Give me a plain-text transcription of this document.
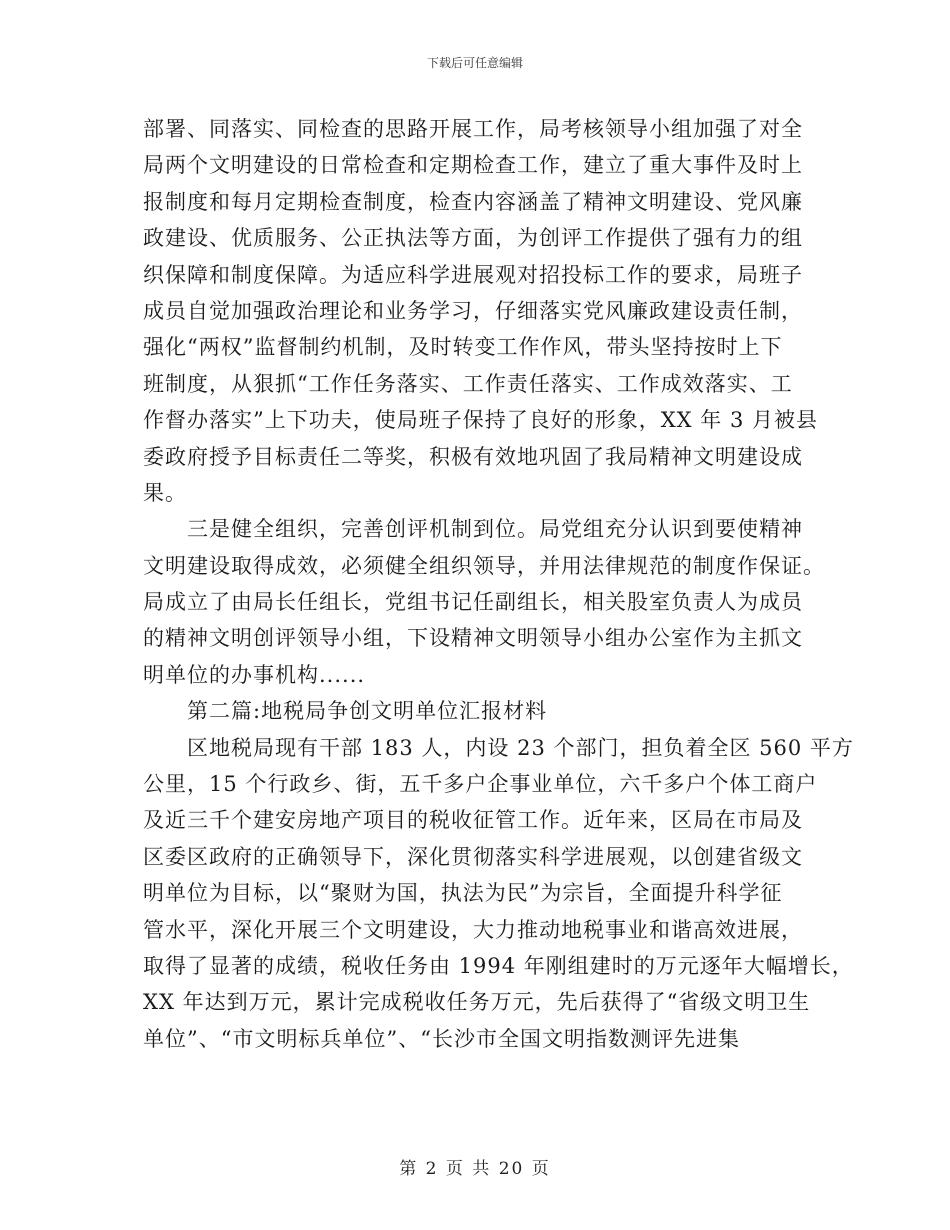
下载后可任意编辑
部署、同落实、同检查的思路开展工作，局考核领导小组加强了对全
局两个文明建设的日常检查和定期检查工作，建立了重大事件及时上
报制度和每月定期检查制度，检查内容涵盖了精神文明建设、党风廉
政建设、优质服务、公正执法等方面，为创评工作提供了强有力的组
织保障和制度保障。为适应科学进展观对招投标工作的要求，局班子
成员自觉加强政治理论和业务学习，仔细落实党风廉政建设责任制，
强化“两权”监督制约机制，及时转变工作作风，带头坚持按时上下
班制度，从狠抓“工作任务落实、工作责任落实、工作成效落实、工
作督办落实”上下功夫，使局班子保持了良好的形象，XX 年 3 月被县
委政府授予目标责任二等奖，积极有效地巩固了我局精神文明建设成
果。
三是健全组织，完善创评机制到位。局党组充分认识到要使精神
文明建设取得成效，必须健全组织领导，并用法律规范的制度作保证。
局成立了由局长任组长，党组书记任副组长，相关股室负责人为成员
的精神文明创评领导小组，下设精神文明领导小组办公室作为主抓文
明单位的办事机构......
第二篇:地税局争创文明单位汇报材料
区地税局现有干部 183 人，内设 23 个部门，担负着全区 560 平方
公里，15 个行政乡、街，五千多户企事业单位，六千多户个体工商户
及近三千个建安房地产项目的税收征管工作。近年来，区局在市局及
区委区政府的正确领导下，深化贯彻落实科学进展观，以创建省级文
明单位为目标，以“聚财为国，执法为民”为宗旨，全面提升科学征
管水平，深化开展三个文明建设，大力推动地税事业和谐高效进展，
取得了显著的成绩，税收任务由 1994 年刚组建时的万元逐年大幅增长，
XX 年达到万元，累计完成税收任务万元，先后获得了“省级文明卫生
单位”、“市文明标兵单位”、“长沙市全国文明指数测评先进集
第 2 页 共 20 页
